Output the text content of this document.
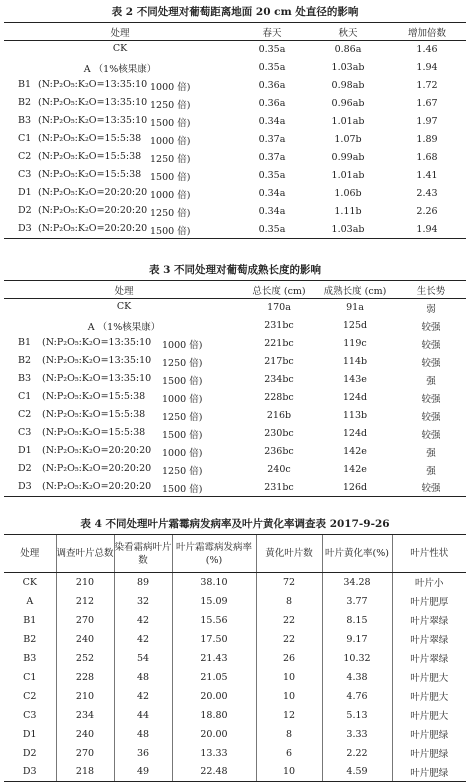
表 2 不同处理对葡萄距离地面 20 cm 处直径的影响
处理	春天	秋天	增加倍数

CK	0.35a	0.86a	1.46

A （1%核果康）	0.35a	1.03ab	1.94

B1 (N:P₂O₅:K₂O=13:35:10 1000 倍)	0.36a	0.98ab	1.72

B2 (N:P₂O₅:K₂O=13:35:10 1250 倍)	0.36a	0.96ab	1.67

B3 (N:P₂O₅:K₂O=13:35:10 1500 倍)	0.34a	1.01ab	1.97

C1 (N:P₂O₅:K₂O=15:5:38 1000 倍)	0.37a	1.07b	1.89

C2 (N:P₂O₅:K₂O=15:5:38 1250 倍)	0.37a	0.99ab	1.68

C3 (N:P₂O₅:K₂O=15:5:38 1500 倍)	0.35a	1.01ab	1.41

D1 (N:P₂O₅:K₂O=20:20:20 1000 倍)	0.34a	1.06b	2.43

D2 (N:P₂O₅:K₂O=20:20:20 1250 倍)	0.34a	1.11b	2.26

D3 (N:P₂O₅:K₂O=20:20:20 1500 倍)	0.35a	1.03ab	1.94
表 3 不同处理对葡萄成熟长度的影响
处理	总长度 (cm)	成熟长度 (cm)	生长势

CK	170a	91a	弱

A （1%核果康）	231bc	125d	较强

B1 (N:P₂O₅:K₂O=13:35:10 1000 倍)	221bc	119c	较强

B2 (N:P₂O₅:K₂O=13:35:10 1250 倍)	217bc	114b	较强

B3 (N:P₂O₅:K₂O=13:35:10 1500 倍)	234bc	143e	强

C1 (N:P₂O₅:K₂O=15:5:38 1000 倍)	228bc	124d	较强

C2 (N:P₂O₅:K₂O=15:5:38 1250 倍)	216b	113b	较强

C3 (N:P₂O₅:K₂O=15:5:38 1500 倍)	230bc	124d	较强

D1 (N:P₂O₅:K₂O=20:20:20 1000 倍)	236bc	142e	强

D2 (N:P₂O₅:K₂O=20:20:20 1250 倍)	240c	142e	强

D3 (N:P₂O₅:K₂O=20:20:20 1500 倍)	231bc	126d	较强
表 4 不同处理叶片霜霉病发病率及叶片黄化率调查表 2017-9-26
处理	调查叶片总数	染看霜病叶片数	叶片霜霉病发病率(%)	黄化叶片数	叶片黄化率(%)	叶片性状
CK	210	89	38.10	72	34.28	叶片小
A	212	32	15.09	8	3.77	叶片肥厚
B1	270	42	15.56	22	8.15	叶片翠绿
B2	240	42	17.50	22	9.17	叶片翠绿
B3	252	54	21.43	26	10.32	叶片翠绿
C1	228	48	21.05	10	4.38	叶片肥大
C2	210	42	20.00	10	4.76	叶片肥大
C3	234	44	18.80	12	5.13	叶片肥大
D1	240	48	20.00	8	3.33	叶片肥绿
D2	270	36	13.33	6	2.22	叶片肥绿
D3	218	49	22.48	10	4.59	叶片肥绿
